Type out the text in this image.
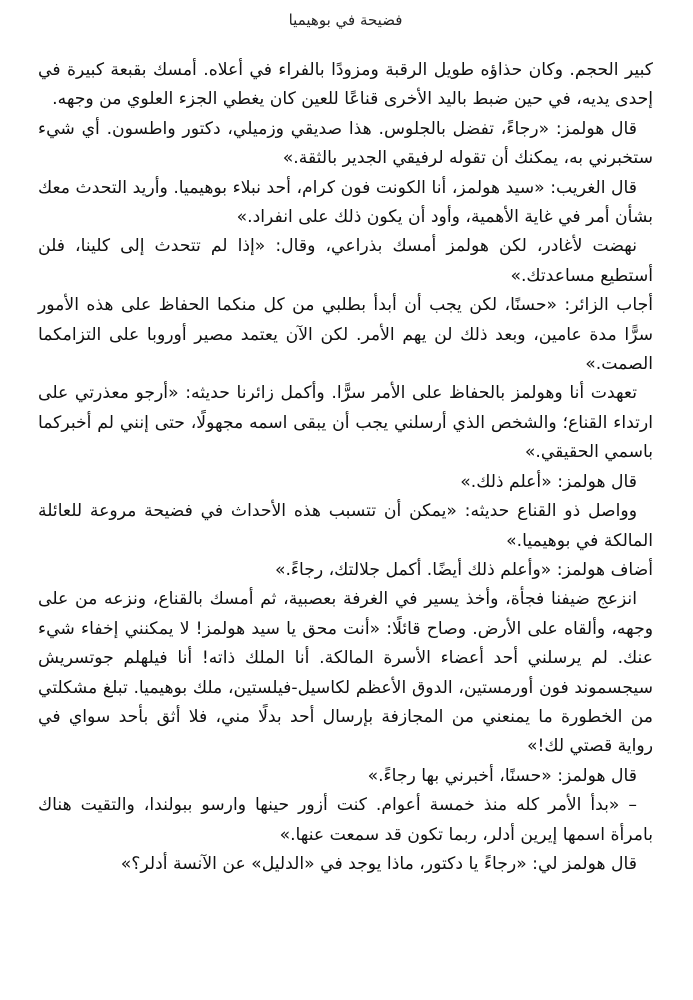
فضيحة في بوهيميا

كبير الحجم. وكان حذاؤه طويل الرقبة ومزودًا بالفراء في أعلاه. أمسك بقبعة كبيرة في إحدى يديه، في حين ضبط باليد الأخرى قناعًا للعين كان يغطي الجزء العلوي من وجهه.

قال هولمز: «رجاءً، تفضل بالجلوس. هذا صديقي وزميلي، دكتور واطسون. أي شيء ستخبرني به، يمكنك أن تقوله لرفيقي الجدير بالثقة.»

قال الغريب: «سيد هولمز، أنا الكونت فون كرام، أحد نبلاء بوهيميا. وأريد التحدث معك بشأن أمر في غاية الأهمية، وأود أن يكون ذلك على انفراد.»

نهضت لأغادر، لكن هولمز أمسك بذراعي، وقال: «إذا لم تتحدث إلى كلينا، فلن أستطيع مساعدتك.»

أجاب الزائر: «حسنًا، لكن يجب أن أبدأ بطلبي من كل منكما الحفاظ على هذه الأمور سرًّا مدة عامين، وبعد ذلك لن يهم الأمر. لكن الآن يعتمد مصير أوروبا على التزامكما الصمت.»

تعهدت أنا وهولمز بالحفاظ على الأمر سرًّا. وأكمل زائرنا حديثه: «أرجو معذرتي على ارتداء القناع؛ والشخص الذي أرسلني يجب أن يبقى اسمه مجهولًا، حتى إنني لم أخبركما باسمي الحقيقي.»

قال هولمز: «أعلم ذلك.»

وواصل ذو القناع حديثه: «يمكن أن تتسبب هذه الأحداث في فضيحة مروعة للعائلة المالكة في بوهيميا.»

أضاف هولمز: «وأعلم ذلك أيضًا. أكمل جلالتك، رجاءً.»

انزعج ضيفنا فجأة، وأخذ يسير في الغرفة بعصبية، ثم أمسك بالقناع، ونزعه من على وجهه، وألقاه على الأرض. وصاح قائلًا: «أنت محق يا سيد هولمز! لا يمكنني إخفاء شيء عنك. لم يرسلني أحد أعضاء الأسرة المالكة. أنا الملك ذاته! أنا فيلهلم جوتسريش سيجسموند فون أورمستين، الدوق الأعظم لكاسيل-فيلستين، ملك بوهيميا. تبلغ مشكلتي من الخطورة ما يمنعني من المجازفة بإرسال أحد بدلًا مني، فلا أثق بأحد سواي في رواية قصتي لك!»

قال هولمز: «حسنًا، أخبرني بها رجاءً.»

– «بدأ الأمر كله منذ خمسة أعوام. كنت أزور حينها وارسو ببولندا، والتقيت هناك بامرأة اسمها إيرين أدلر، ربما تكون قد سمعت عنها.»

قال هولمز لي: «رجاءً يا دكتور، ماذا يوجد في «الدليل» عن الآنسة أدلر؟»
